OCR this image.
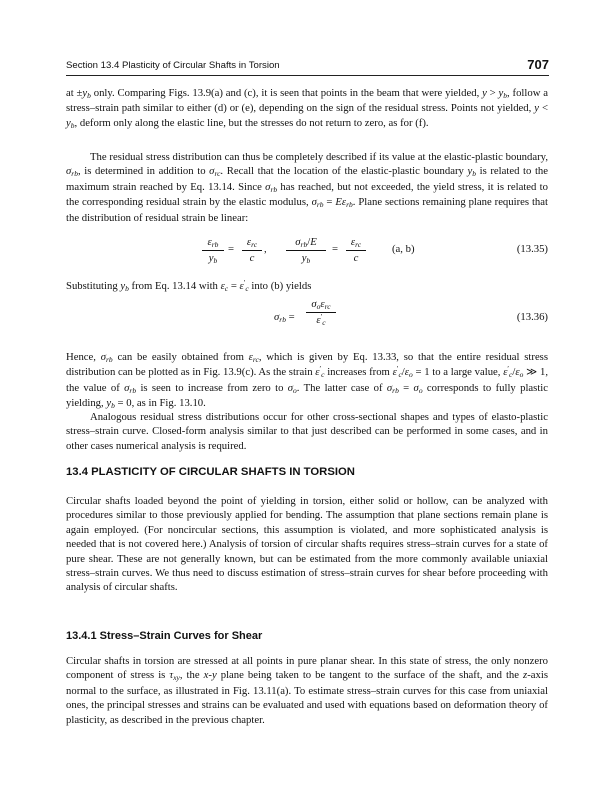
Section 13.4 Plasticity of Circular Shafts in Torsion	707

at ±yb only. Comparing Figs. 13.9(a) and (c), it is seen that points in the beam that were yielded, y > yb, follow a stress–strain path similar to either (d) or (e), depending on the sign of the residual stress. Points not yielded, y < yb, deform only along the elastic line, but the stresses do not return to zero, as for (f).

The residual stress distribution can thus be completely described if its value at the elastic-plastic boundary, σrb, is determined in addition to σrc. Recall that the location of the elastic-plastic boundary yb is related to the maximum strain reached by Eq. 13.14. Since σrb has reached, but not exceeded, the yield stress, it is related to the corresponding residual strain by the elastic modulus, σrb = Eεrb. Plane sections remaining plane requires that the distribution of residual strain be linear:

εrb
yb
=
εrc
c
,
σrb/E
yb
=
εrc
c
(a, b)	(13.35)

Substituting yb from Eq. 13.14 with εc = ε′c into (b) yields

σrb =
σoεrc
ε′c	(13.36)

Hence, σrb can be easily obtained from εrc, which is given by Eq. 13.33, so that the entire residual stress distribution can be plotted as in Fig. 13.9(c). As the strain ε′c increases from ε′c/εo = 1 to a large value, ε′c/εo ≫ 1, the value of σrb is seen to increase from zero to σo. The latter case of σrb = σo corresponds to fully plastic yielding, yb = 0, as in Fig. 13.10.

Analogous residual stress distributions occur for other cross-sectional shapes and types of elasto-plastic stress–strain curve. Closed-form analysis similar to that just described can be performed in some cases, and in other cases numerical analysis is required.

13.4 PLASTICITY OF CIRCULAR SHAFTS IN TORSION

Circular shafts loaded beyond the point of yielding in torsion, either solid or hollow, can be analyzed with procedures similar to those previously applied for bending. The assumption that plane sections remain plane is again employed. (For noncircular sections, this assumption is violated, and more sophisticated analysis is needed that is not covered here.) Analysis of torsion of circular shafts requires stress–strain curves for a state of pure shear. These are not generally known, but can be estimated from the more commonly available uniaxial stress–strain curves. We thus need to discuss estimation of stress–strain curves for shear before proceeding with analysis of circular shafts.

13.4.1 Stress–Strain Curves for Shear

Circular shafts in torsion are stressed at all points in pure planar shear. In this state of stress, the only nonzero component of stress is τxy, the x-y plane being taken to be tangent to the surface of the shaft, and the z-axis normal to the surface, as illustrated in Fig. 13.11(a). To estimate stress–strain curves for this case from uniaxial ones, the principal stresses and strains can be evaluated and used with equations based on deformation theory of plasticity, as described in the previous chapter.
